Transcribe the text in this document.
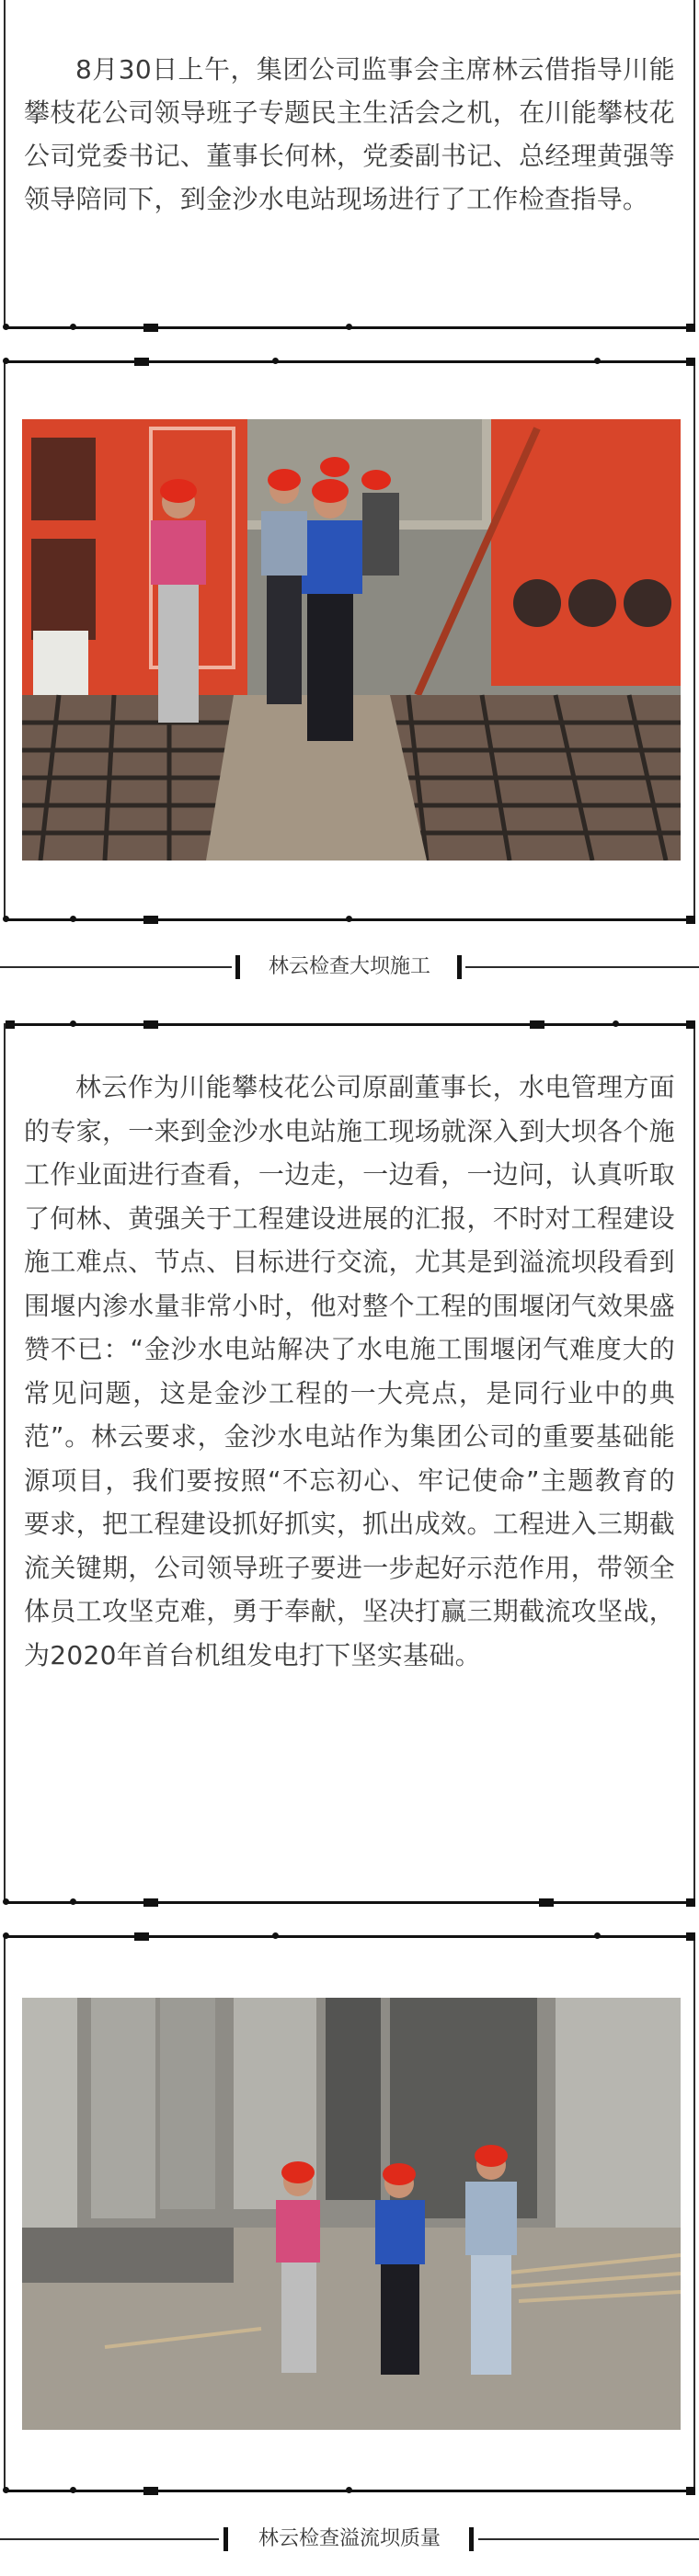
8月30日上午，集团公司监事会主席林云借指导川能攀枝花公司领导班子专题民主生活会之机，在川能攀枝花公司党委书记、董事长何林，党委副书记、总经理黄强等领导陪同下，到金沙水电站现场进行了工作检查指导。

林云检查大坝施工

林云作为川能攀枝花公司原副董事长，水电管理方面的专家，一来到金沙水电站施工现场就深入到大坝各个施工作业面进行查看，一边走，一边看，一边问，认真听取了何林、黄强关于工程建设进展的汇报，不时对工程建设施工难点、节点、目标进行交流，尤其是到溢流坝段看到围堰内渗水量非常小时，他对整个工程的围堰闭气效果盛赞不已：“金沙水电站解决了水电施工围堰闭气难度大的常见问题，这是金沙工程的一大亮点，是同行业中的典范”。林云要求，金沙水电站作为集团公司的重要基础能源项目，我们要按照“不忘初心、牢记使命”主题教育的要求，把工程建设抓好抓实，抓出成效。工程进入三期截流关键期，公司领导班子要进一步起好示范作用，带领全体员工攻坚克难，勇于奉献，坚决打赢三期截流攻坚战，为2020年首台机组发电打下坚实基础。

林云检查溢流坝质量
